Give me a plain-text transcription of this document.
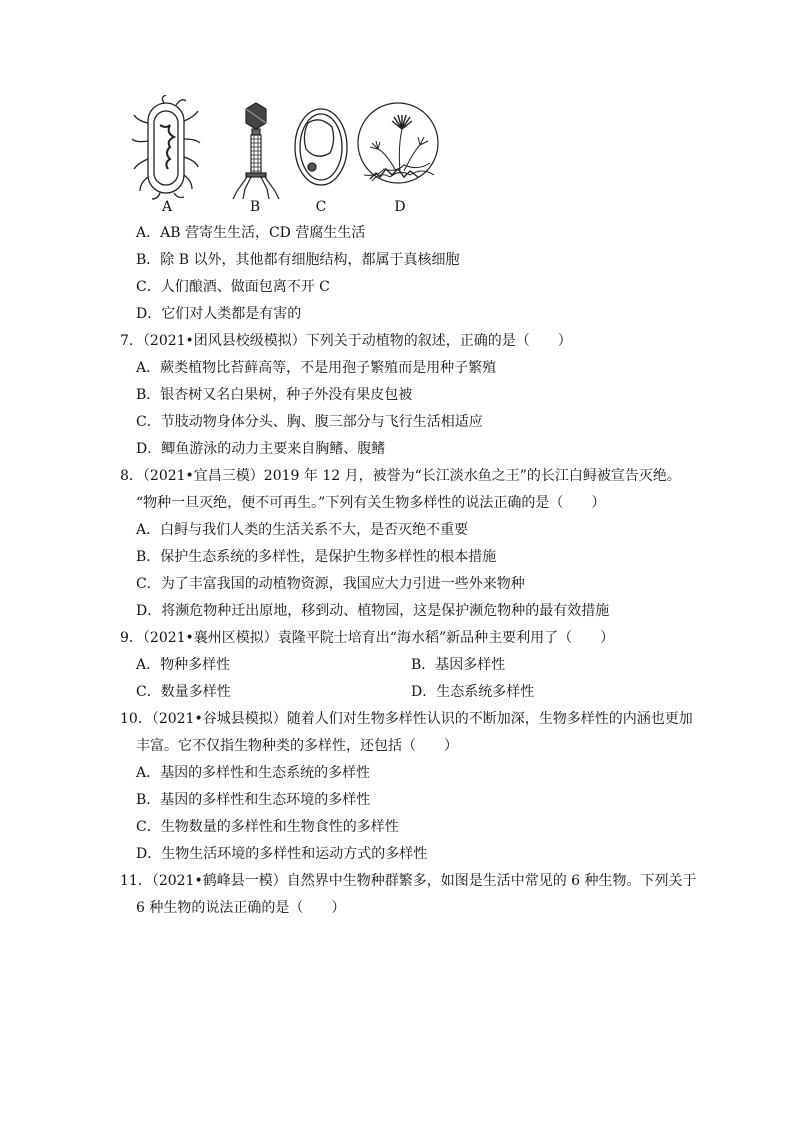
A	B	C	D
A．AB 营寄生生活，CD 营腐生生活
B．除 B 以外，其他都有细胞结构，都属于真核细胞
C．人们酿酒、做面包离不开 C
D．它们对人类都是有害的
7．（2021•团风县校级模拟）下列关于动植物的叙述，正确的是（　　）
A．蕨类植物比苔藓高等，不是用孢子繁殖而是用种子繁殖
B．银杏树又名白果树，种子外没有果皮包被
C．节肢动物身体分头、胸、腹三部分与飞行生活相适应
D．鲫鱼游泳的动力主要来自胸鳍、腹鳍
8．（2021•宜昌三模）2019 年 12 月，被誉为“长江淡水鱼之王”的长江白鲟被宣告灭绝。
“物种一旦灭绝，便不可再生。”下列有关生物多样性的说法正确的是（　　）
A．白鲟与我们人类的生活关系不大，是否灭绝不重要
B．保护生态系统的多样性，是保护生物多样性的根本措施
C．为了丰富我国的动植物资源，我国应大力引进一些外来物种
D．将濒危物种迁出原地，移到动、植物园，这是保护濒危物种的最有效措施
9．（2021•襄州区模拟）袁隆平院士培育出“海水稻”新品种主要利用了（　　）
A．物种多样性	B．基因多样性
C．数量多样性	D．生态系统多样性
10．（2021•谷城县模拟）随着人们对生物多样性认识的不断加深，生物多样性的内涵也更加
丰富。它不仅指生物种类的多样性，还包括（　　）
A．基因的多样性和生态系统的多样性
B．基因的多样性和生态环境的多样性
C．生物数量的多样性和生物食性的多样性
D．生物生活环境的多样性和运动方式的多样性
11．（2021•鹤峰县一模）自然界中生物种群繁多，如图是生活中常见的 6 种生物。下列关于
6 种生物的说法正确的是（　　）
